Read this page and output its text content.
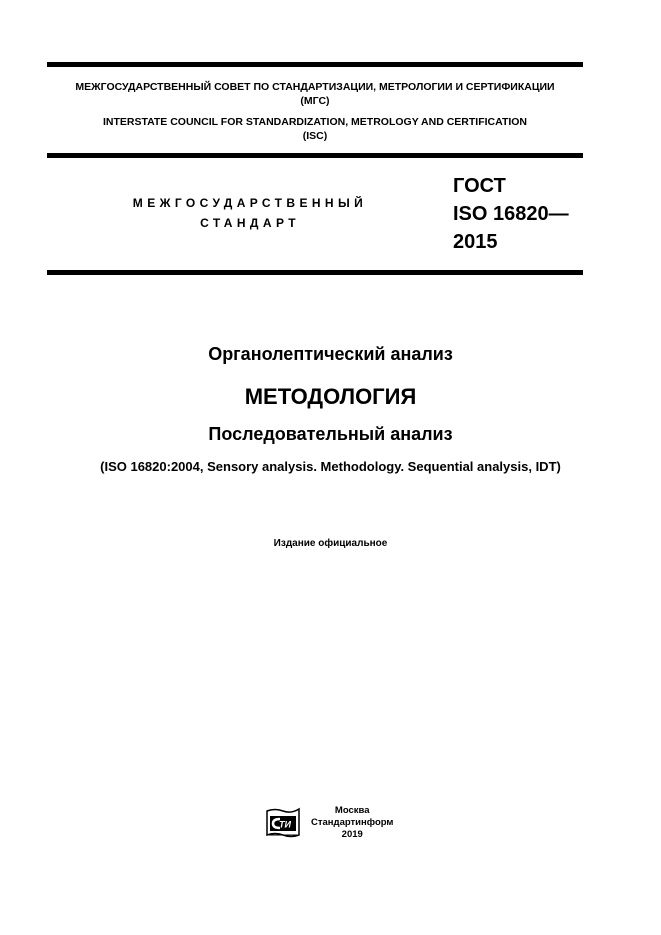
МЕЖГОСУДАРСТВЕННЫЙ СОВЕТ ПО СТАНДАРТИЗАЦИИ, МЕТРОЛОГИИ И СЕРТИФИКАЦИИ
(МГС)
INTERSTATE COUNCIL FOR STANDARDIZATION, METROLOGY AND CERTIFICATION
(ISC)
МЕЖГОСУДАРСТВЕННЫЙ
СТАНДАРТ
ГОСТ
ISO 16820—
2015
Органолептический анализ
МЕТОДОЛОГИЯ
Последовательный анализ
(ISO 16820:2004, Sensory analysis. Methodology. Sequential analysis, IDT)
Издание официальное
ТИ
Москва
Стандартинформ
2019
